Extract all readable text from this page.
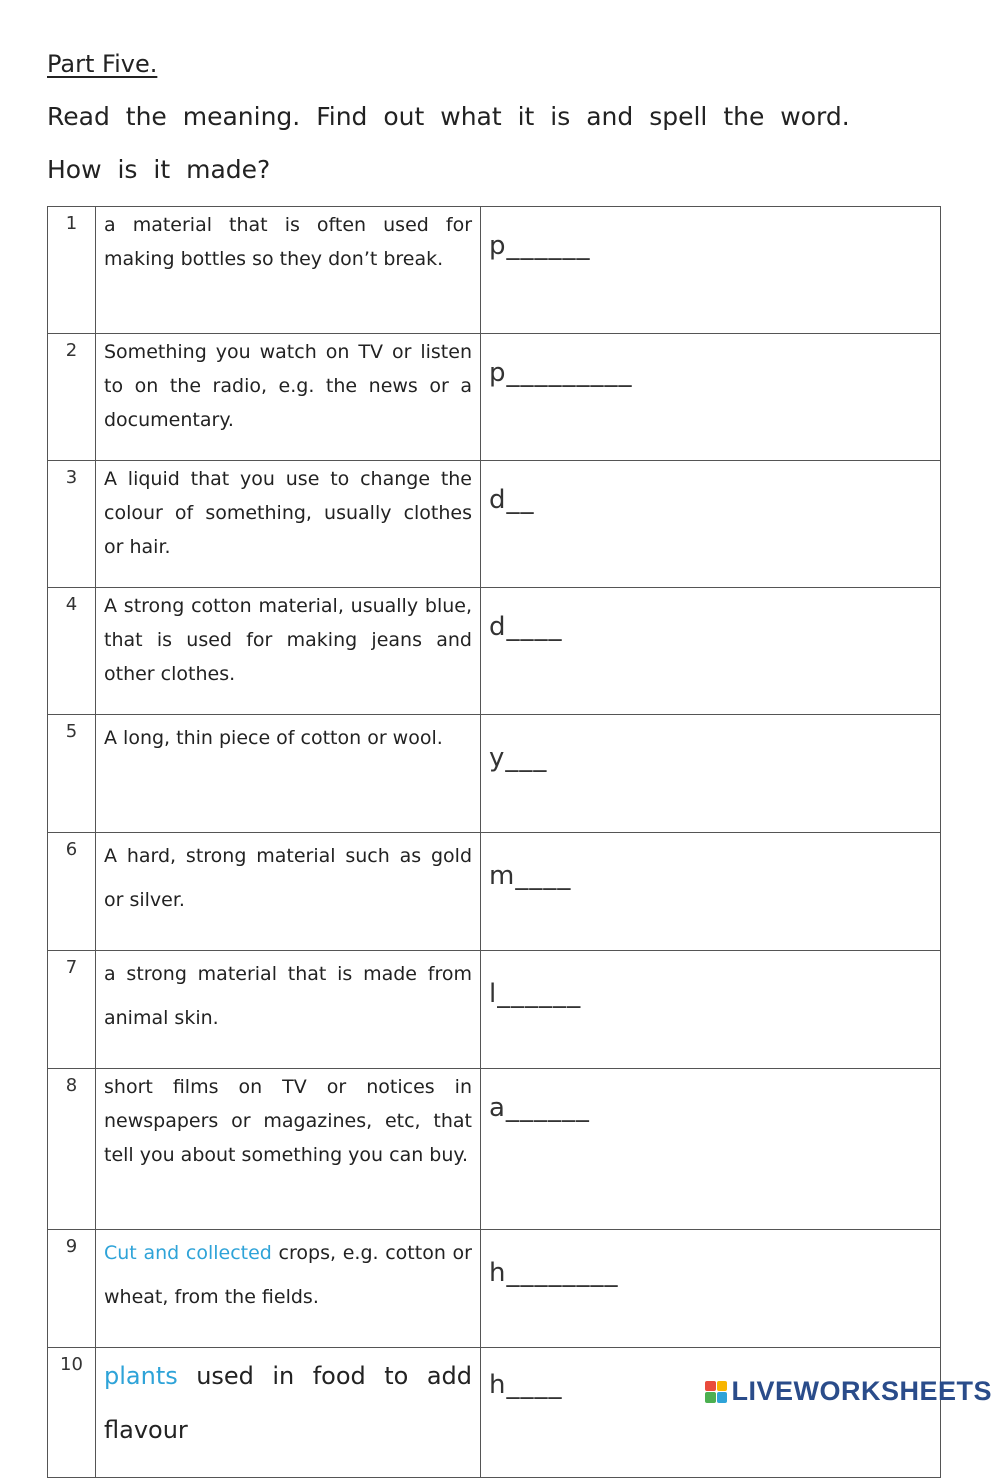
Part Five.
Read the meaning. Find out what it is and spell the word.
How is it made?
1	a material that is often used for making bottles so they don’t break.	p______
2	Something you watch on TV or listen to on the radio, e.g. the news or a documentary.	p_________
3	A liquid that you use to change the colour of something, usually clothes or hair.	d__
4	A strong cotton material, usually blue, that is used for making jeans and other clothes.	d____
5	A long, thin piece of cotton or wool.	y___
6	A hard, strong material such as gold or silver.	m____
7	a strong material that is made from animal skin.	l______
8	short films on TV or notices in newspapers or magazines, etc, that tell you about something you can buy.	a______
9	Cut and collected crops, e.g. cotton or wheat, from the fields.	h________
10	plants used in food to add flavour	h____	LIVEWORKSHEETS
